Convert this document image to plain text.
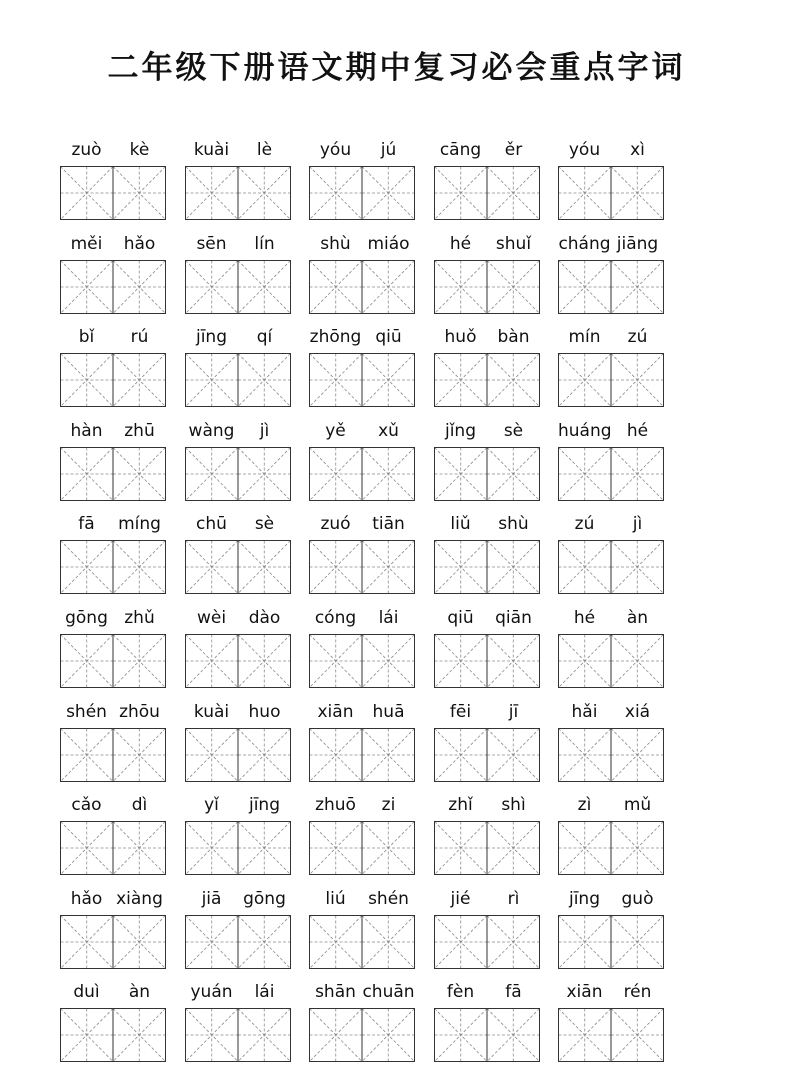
二年级下册语文期中复习必会重点字词
zuò	kè	kuài	lè	yóu	jú	cāng	ěr	yóu	xì
měi	hǎo	sēn	lín	shù miáo	hé	shuǐ	cháng jiāng
bǐ	rú	jīng	qí	zhōng qiū	huǒ	bàn	mín	zú
hàn	zhū	wàng	jì	yě	xǔ	jǐng	sè	huáng hé
fā	míng	chū	sè	zuó	tiān	liǔ	shù	zú	jì
gōng zhǔ	wèi	dào	cóng	lái	qiū	qiān	hé	àn
shén zhōu	kuài	huo	xiān	huā	fēi	jī	hǎi	xiá
cǎo	dì	yǐ	jīng	zhuō	zi	zhǐ	shì	zì	mǔ
hǎo xiàng	jiā	gōng	liú	shén	jié	rì	jīng	guò
duì	àn	yuán	lái	shān chuān	fèn	fā	xiān	rén
